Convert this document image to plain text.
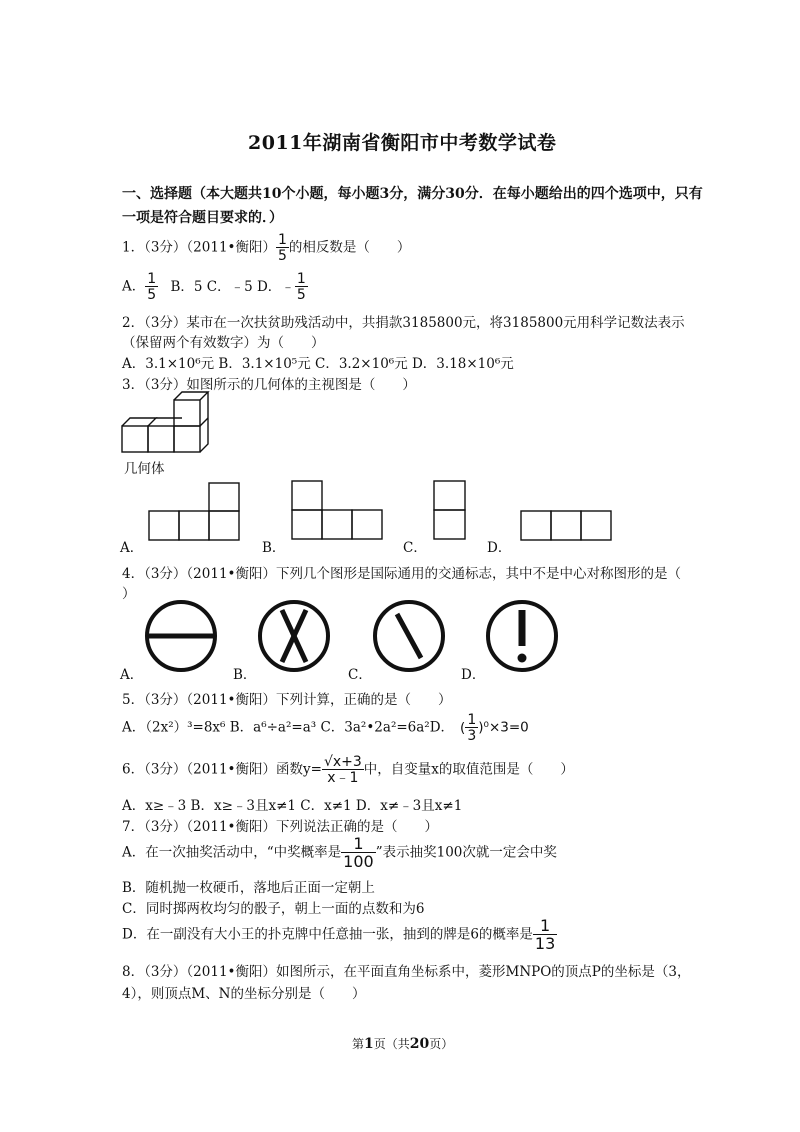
2011年湖南省衡阳市中考数学试卷
一、选择题（本大题共10个小题，每小题3分，满分30分．在每小题给出的四个选项中，只有
一项是符合题目要求的．）
1．（3分）（2011•衡阳） $\frac{1}{5}$ 的相反数是（　　）
A． $\frac{1}{5}$ B．5 C．﹣5 D．﹣ $\frac{1}{5}$
2．（3分）某市在一次扶贫助残活动中，共捐款3185800元，将3185800元用科学记数法表示
（保留两个有效数字）为（　　）
A．3.1×10⁶元 B．3.1×10⁵元 C．3.2×10⁶元 D．3.18×10⁶元
3．（3分）如图所示的几何体的主视图是（　　）
几何体
A．	B．	C．	D．
4．（3分）（2011•衡阳）下列几个图形是国际通用的交通标志，其中不是中心对称图形的是（
）
A．	B．	C．	D．
5．（3分）（2011•衡阳）下列计算，正确的是（　　）
A．（2x²）³=8x⁶ B．a⁶÷a²=a³ C．3a²•2a²=6a²D． ( $\frac{1}{3} )^0\times 3=0$
6．（3分）（2011•衡阳）函数$y= \frac{√x+3}{x﹣1}$ 中，自变量x的取值范围是（　　）
A．x≥﹣3 B．x≥﹣3且x≠1 C．x≠1 D．x≠﹣3且x≠1
7．（3分）（2011•衡阳）下列说法正确的是（　　）
A．在一次抽奖活动中，“中奖概率是 $\frac{1}{100}$ ”表示抽奖100次就一定会中奖
B．随机抛一枚硬币，落地后正面一定朝上
C．同时掷两枚均匀的骰子，朝上一面的点数和为6
D．在一副没有大小王的扑克牌中任意抽一张，抽到的牌是6的概率是 $\frac{1}{13}$
8．（3分）（2011•衡阳）如图所示，在平面直角坐标系中，菱形MNPO的顶点P的坐标是（3，
4），则顶点M、N的坐标分别是（　　）
第1页（共20页）
